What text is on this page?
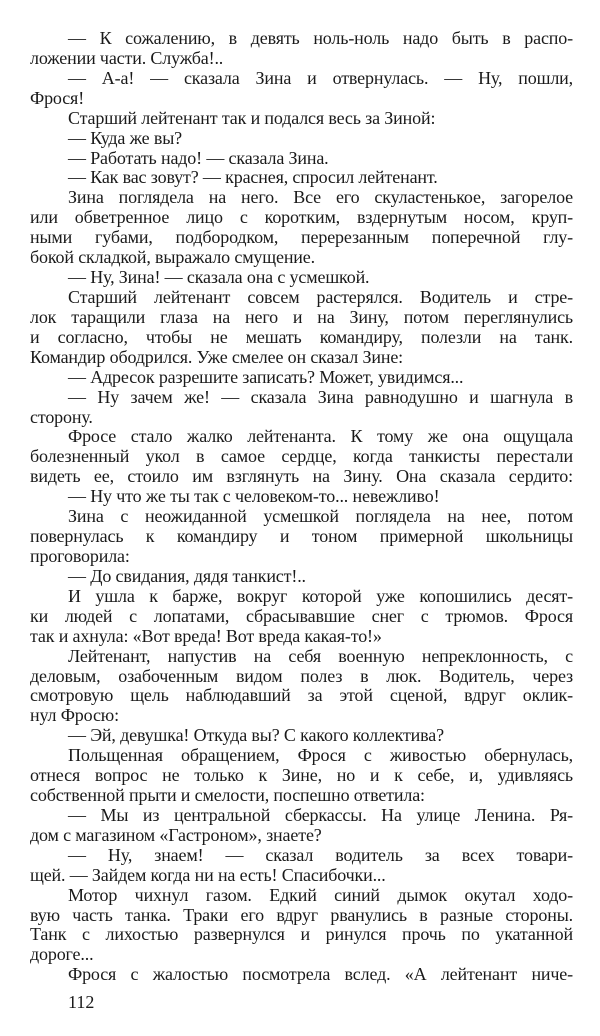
— К сожалению, в девять ноль-ноль надо быть в распо-
ложении части. Служба!..
— А-а! — сказала Зина и отвернулась. — Ну, пошли,
Фрося!
Старший лейтенант так и подался весь за Зиной:
— Куда же вы?
— Работать надо! — сказала Зина.
— Как вас зовут? — краснея, спросил лейтенант.
Зина поглядела на него. Все его скуластенькое, загорелое
или обветренное лицо с коротким, вздернутым носом, круп-
ными губами, подбородком, перерезанным поперечной глу-
бокой складкой, выражало смущение.
— Ну, Зина! — сказала она с усмешкой.
Старший лейтенант совсем растерялся. Водитель и стре-
лок таращили глаза на него и на Зину, потом переглянулись
и согласно, чтобы не мешать командиру, полезли на танк.
Командир ободрился. Уже смелее он сказал Зине:
— Адресок разрешите записать? Может, увидимся...
— Ну зачем же! — сказала Зина равнодушно и шагнула в
сторону.
Фросе стало жалко лейтенанта. К тому же она ощущала
болезненный укол в самое сердце, когда танкисты перестали
видеть ее, стоило им взглянуть на Зину. Она сказала сердито:
— Ну что же ты так с человеком-то... невежливо!
Зина с неожиданной усмешкой поглядела на нее, потом
повернулась к командиру и тоном примерной школьницы
проговорила:
— До свидания, дядя танкист!..
И ушла к барже, вокруг которой уже копошились десят-
ки людей с лопатами, сбрасывавшие снег с трюмов. Фрося
так и ахнула: «Вот вреда! Вот вреда какая-то!»
Лейтенант, напустив на себя военную непреклонность, с
деловым, озабоченным видом полез в люк. Водитель, через
смотровую щель наблюдавший за этой сценой, вдруг оклик-
нул Фросю:
— Эй, девушка! Откуда вы? С какого коллектива?
Польщенная обращением, Фрося с живостью обернулась,
отнеся вопрос не только к Зине, но и к себе, и, удивляясь
собственной прыти и смелости, поспешно ответила:
— Мы из центральной сберкассы. На улице Ленина. Ря-
дом с магазином «Гастроном», знаете?
— Ну, знаем! — сказал водитель за всех товари-
щей. — Зайдем когда ни на есть! Спасибочки...
Мотор чихнул газом. Едкий синий дымок окутал ходо-
вую часть танка. Траки его вдруг рванулись в разные стороны.
Танк с лихостью развернулся и ринулся прочь по укатанной
дороге...
Фрося с жалостью посмотрела вслед. «А лейтенант ниче-
112
